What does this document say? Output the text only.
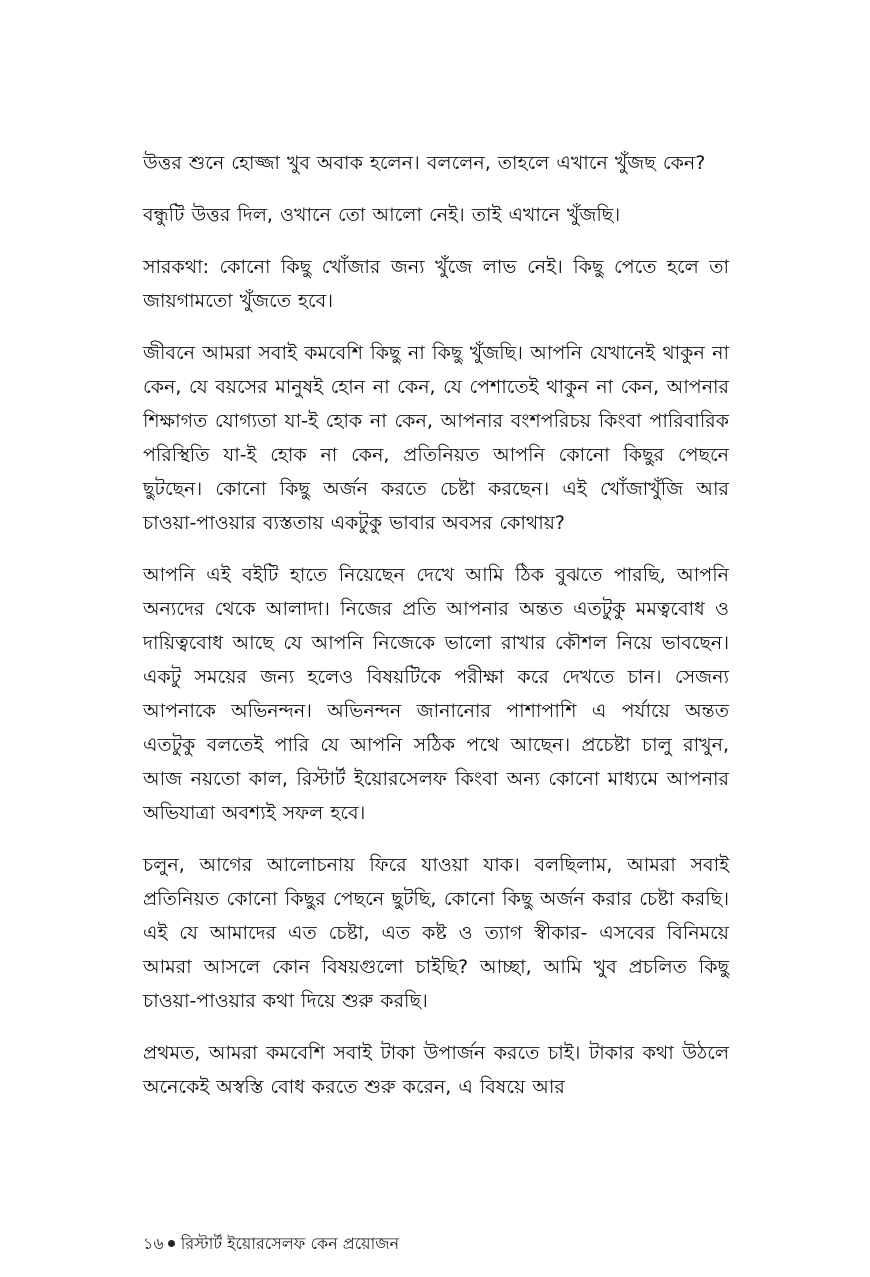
উত্তর শুনে হোজ্জা খুব অবাক হলেন। বললেন, তাহলে এখানে খুঁজছ কেন?

বন্ধুটি উত্তর দিল, ওখানে তো আলো নেই। তাই এখানে খুঁজছি।

সারকথা: কোনো কিছু খোঁজার জন্য খুঁজে লাভ নেই। কিছু পেতে হলে তা জায়গামতো খুঁজতে হবে।

জীবনে আমরা সবাই কমবেশি কিছু না কিছু খুঁজছি। আপনি যেখানেই থাকুন না কেন, যে বয়সের মানুষই হোন না কেন, যে পেশাতেই থাকুন না কেন, আপনার শিক্ষাগত যোগ্যতা যা-ই হোক না কেন, আপনার বংশপরিচয় কিংবা পারিবারিক পরিস্থিতি যা-ই হোক না কেন, প্রতিনিয়ত আপনি কোনো কিছুর পেছনে ছুটছেন। কোনো কিছু অর্জন করতে চেষ্টা করছেন। এই খোঁজাখুঁজি আর চাওয়া-পাওয়ার ব্যস্ততায় একটুকু ভাবার অবসর কোথায়?

আপনি এই বইটি হাতে নিয়েছেন দেখে আমি ঠিক বুঝতে পারছি, আপনি অন্যদের থেকে আলাদা। নিজের প্রতি আপনার অন্তত এতটুকু মমত্ববোধ ও দায়িত্ববোধ আছে যে আপনি নিজেকে ভালো রাখার কৌশল নিয়ে ভাবছেন। একটু সময়ের জন্য হলেও বিষয়টিকে পরীক্ষা করে দেখতে চান। সেজন্য আপনাকে অভিনন্দন। অভিনন্দন জানানোর পাশাপাশি এ পর্যায়ে অন্তত এতটুকু বলতেই পারি যে আপনি সঠিক পথে আছেন। প্রচেষ্টা চালু রাখুন, আজ নয়তো কাল, রিস্টার্ট ইয়োরসেলফ কিংবা অন্য কোনো মাধ্যমে আপনার অভিযাত্রা অবশ্যই সফল হবে।

চলুন, আগের আলোচনায় ফিরে যাওয়া যাক। বলছিলাম, আমরা সবাই প্রতিনিয়ত কোনো কিছুর পেছনে ছুটছি, কোনো কিছু অর্জন করার চেষ্টা করছি। এই যে আমাদের এত চেষ্টা, এত কষ্ট ও ত্যাগ স্বীকার- এসবের বিনিময়ে আমরা আসলে কোন বিষয়গুলো চাইছি? আচ্ছা, আমি খুব প্রচলিত কিছু চাওয়া-পাওয়ার কথা দিয়ে শুরু করছি।

প্রথমত, আমরা কমবেশি সবাই টাকা উপার্জন করতে চাই। টাকার কথা উঠলে অনেকেই অস্বস্তি বোধ করতে শুরু করেন, এ বিষয়ে আর

১৬ রিস্টার্ট ইয়োরসেলফ কেন প্রয়োজন
